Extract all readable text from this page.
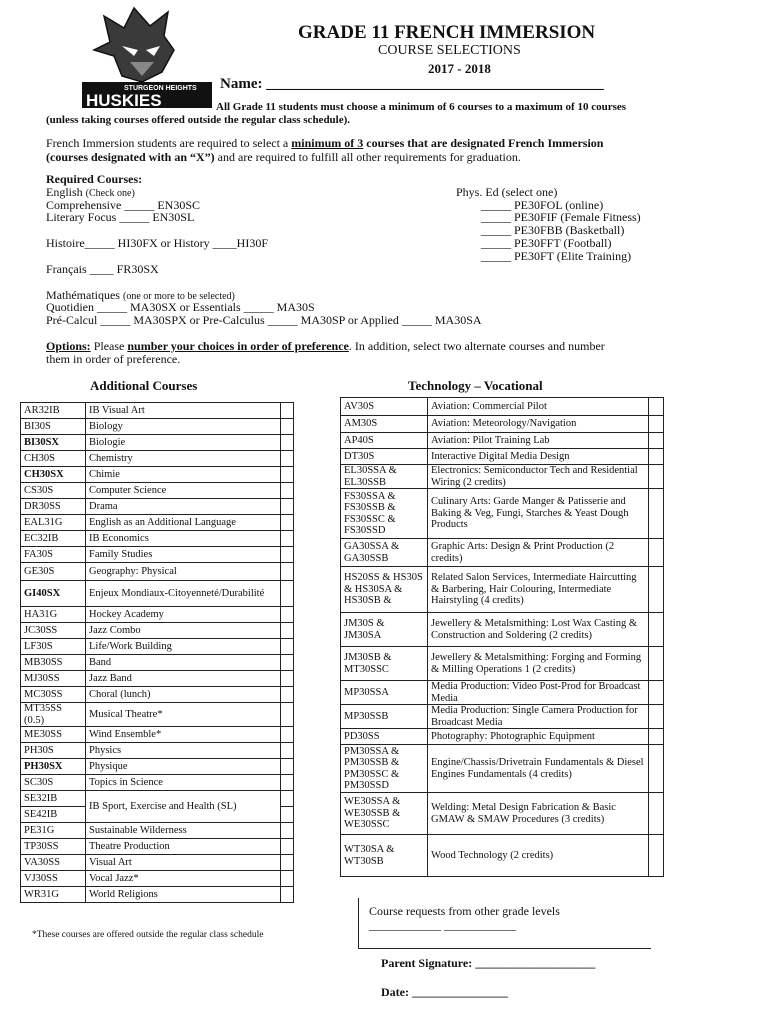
STURGEON HEIGHTS
HUSKIES
GRADE 11 FRENCH IMMERSION
COURSE SELECTIONS
2017 - 2018
Name: _____________________________________________
All Grade 11 students must choose a minimum of 6 courses to a maximum of 10 courses
(unless taking courses offered outside the regular class schedule).
French Immersion students are required to select a minimum of 3 courses that are designated French Immersion
(courses designated with an “X”) and are required to fulfill all other requirements for graduation.
Required Courses:
English (Check one)
Comprehensive _____ EN30SC
Literary Focus _____ EN30SL
Histoire_____ HI30FX or History ____HI30F
Français ____ FR30SX
Phys. Ed (select one)
_____ PE30FOL (online)
_____ PE30FIF (Female Fitness)
_____ PE30FBB (Basketball)
_____ PE30FFT (Football)
_____ PE30FT (Elite Training)
Mathématiques (one or more to be selected)
Quotidien _____ MA30SX or Essentials _____ MA30S
Pré-Calcul _____ MA30SPX or Pre-Calculus _____ MA30SP or Applied _____ MA30SA
Options: Please number your choices in order of preference. In addition, select two alternate courses and number
them in order of preference.
Additional Courses	Technology – Vocational
AR32IB	IB Visual Art	
BI30S	Biology	
BI30SX	Biologie	
CH30S	Chemistry	
CH30SX	Chimie	
CS30S	Computer Science	
DR30SS	Drama	
EAL31G	English as an Additional Language	
EC32IB	IB Economics	
FA30S	Family Studies	
GE30S	Geography: Physical	
GI40SX	Enjeux Mondiaux-Citoyenneté/Durabilité	
HA31G	Hockey Academy	
JC30SS	Jazz Combo	
LF30S	Life/Work Building	
MB30SS	Band	
MJ30SS	Jazz Band	
MC30SS	Choral (lunch)	
MT35SS (0.5)	Musical Theatre*	
ME30SS	Wind Ensemble*	
PH30S	Physics	
PH30SX	Physique	
SC30S	Topics in Science	
SE32IB	IB Sport, Exercise and Health (SL)	
SE42IB		
PE31G	Sustainable Wilderness	
TP30SS	Theatre Production	
VA30SS	Visual Art	
VJ30SS	Vocal Jazz*	
WR31G	World Religions	
AV30S	Aviation: Commercial Pilot	
AM30S	Aviation: Meteorology/Navigation	
AP40S	Aviation: Pilot Training Lab	
DT30S	Interactive Digital Media Design	
EL30SSA & EL30SSB	Electronics: Semiconductor Tech and Residential Wiring (2 credits)	
FS30SSA & FS30SSB & FS30SSC & FS30SSD	Culinary Arts: Garde Manger & Patisserie and Baking & Veg, Fungi, Starches & Yeast Dough Products	
GA30SSA & GA30SSB	Graphic Arts: Design & Print Production (2 credits)	
HS20SS & HS30S & HS30SA & HS30SB &	Related Salon Services, Intermediate Haircutting & Barbering, Hair Colouring, Intermediate Hairstyling (4 credits)	
JM30S & JM30SA	Jewellery & Metalsmithing: Lost Wax Casting & Construction and Soldering (2 credits)	
JM30SB & MT30SSC	Jewellery & Metalsmithing: Forging and Forming & Milling Operations 1 (2 credits)	
MP30SSA	Media Production: Video Post-Prod for Broadcast Media	
MP30SSB	Media Production: Single Camera Production for Broadcast Media	
PD30SS	Photography: Photographic Equipment	
PM30SSA & PM30SSB & PM30SSC & PM30SSD	Engine/Chassis/Drivetrain Fundamentals & Diesel Engines Fundamentals (4 credits)	
WE30SSA & WE30SSB & WE30SSC	Welding: Metal Design Fabrication & Basic GMAW & SMAW Procedures (3 credits)	
WT30SA & WT30SB	Wood Technology (2 credits)	
*These courses are offered outside the regular class schedule
Course requests from other grade levels
____________ ____________
Parent Signature: ____________________
Date: ________________
